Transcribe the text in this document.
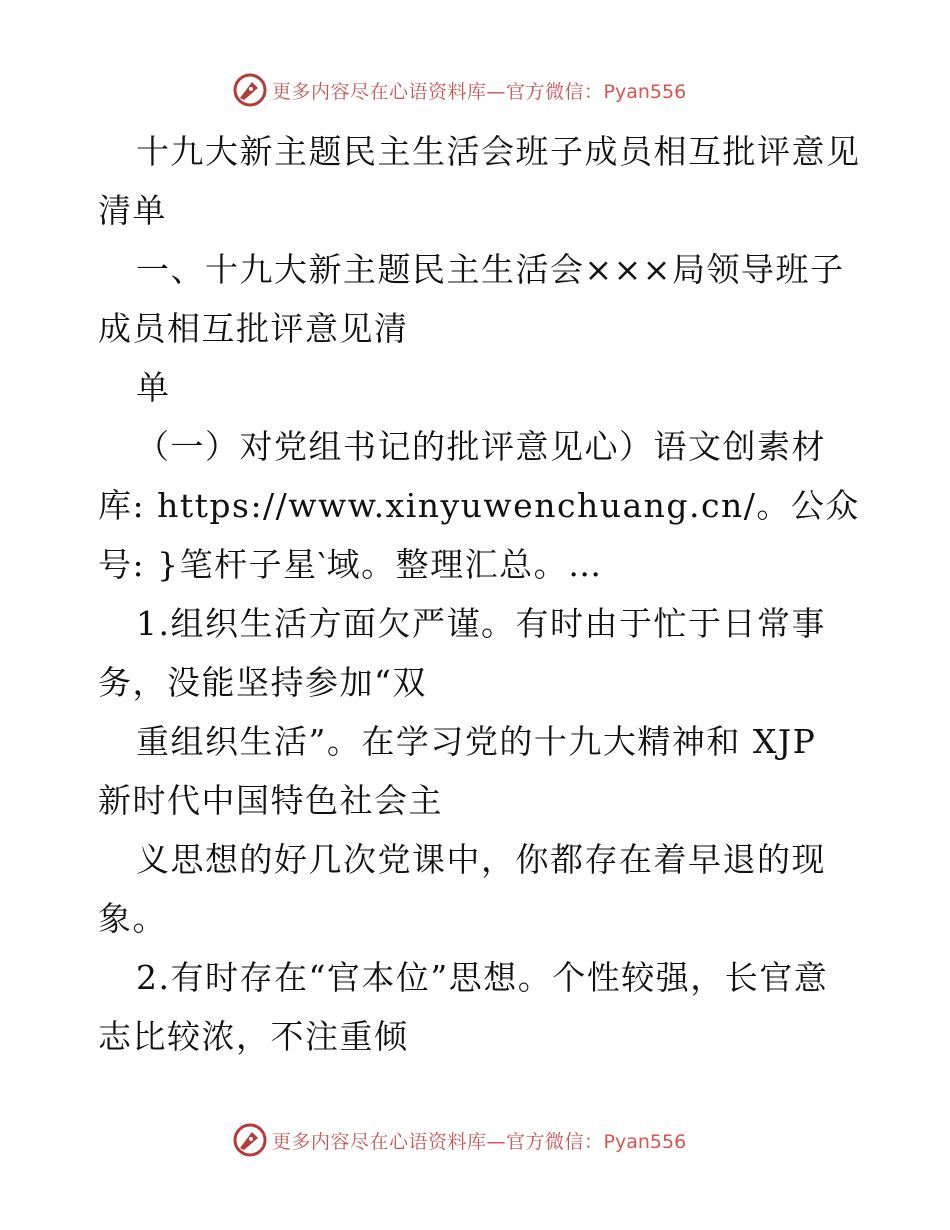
更多内容尽在心语资料库—官方微信：Pyan556
十九大新主题民主生活会班子成员相互批评意见
清单
一、十九大新主题民主生活会×××局领导班子
成员相互批评意见清
单
（一）对党组书记的批评意见心）语文创素材
库: https://www.xinyuwenchuang.cn/。公众
号: }笔杆子星‵域。整理汇总。…
1.组织生活方面欠严谨。有时由于忙于日常事
务，没能坚持参加“双
重组织生活”。在学习党的十九大精神和 XJP
新时代中国特色社会主
义思想的好几次党课中，你都存在着早退的现
象。
2.有时存在“官本位”思想。个性较强，长官意
志比较浓，不注重倾
更多内容尽在心语资料库—官方微信：Pyan556
